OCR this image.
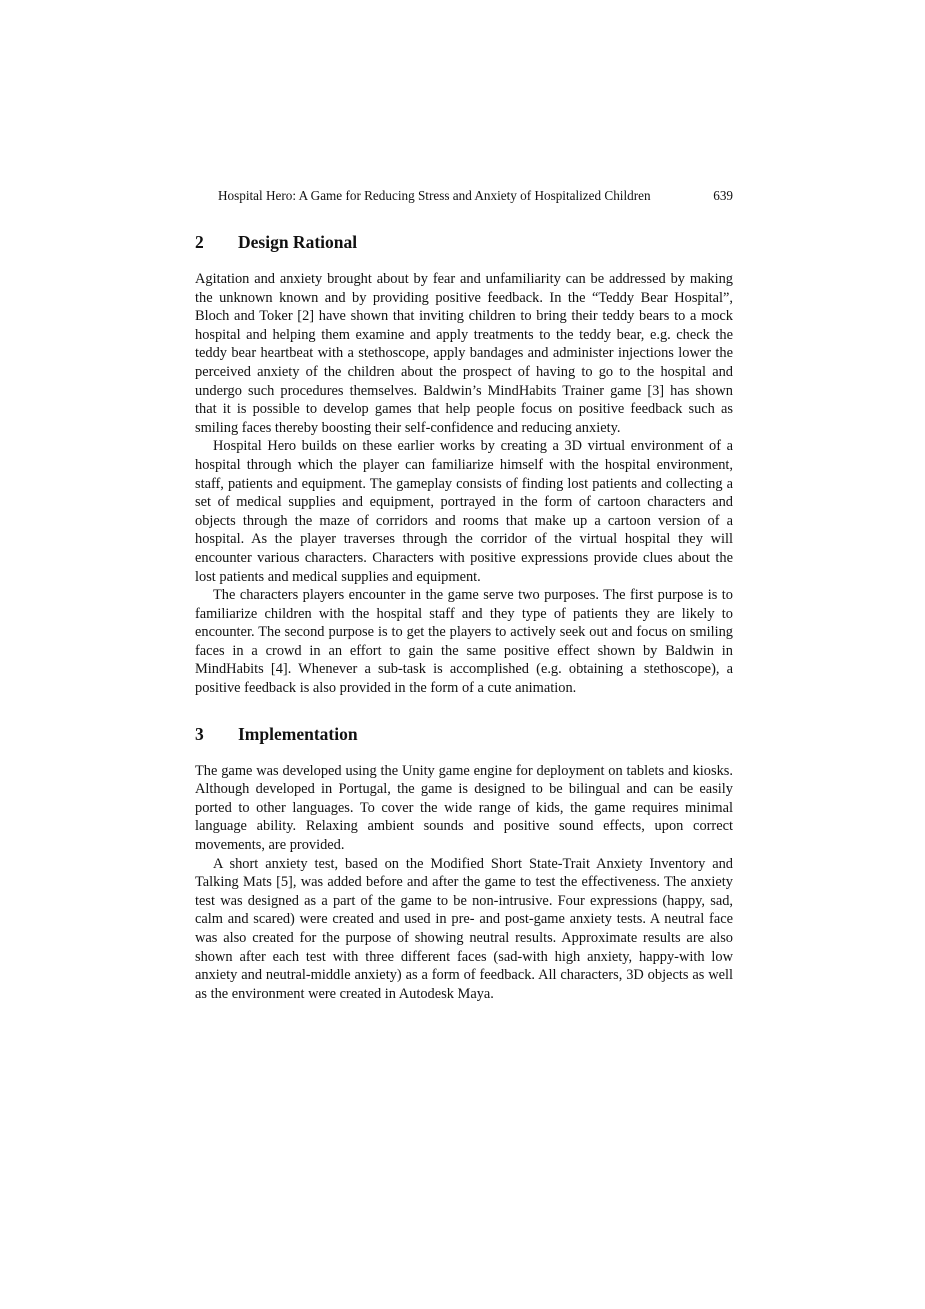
Hospital Hero: A Game for Reducing Stress and Anxiety of Hospitalized Children	639
2	Design Rational

Agitation and anxiety brought about by fear and unfamiliarity can be addressed by making the unknown known and by providing positive feedback. In the “Teddy Bear Hospital”, Bloch and Toker [2] have shown that inviting children to bring their teddy bears to a mock hospital and helping them examine and apply treatments to the teddy bear, e.g. check the teddy bear heartbeat with a stethoscope, apply bandages and administer injections lower the perceived anxiety of the children about the prospect of having to go to the hospital and undergo such procedures themselves. Baldwin’s MindHabits Trainer game [3] has shown that it is possible to develop games that help people focus on positive feedback such as smiling faces thereby boosting their self-confidence and reducing anxiety.

Hospital Hero builds on these earlier works by creating a 3D virtual environment of a hospital through which the player can familiarize himself with the hospital environment, staff, patients and equipment. The gameplay consists of finding lost patients and collecting a set of medical supplies and equipment, portrayed in the form of cartoon characters and objects through the maze of corridors and rooms that make up a cartoon version of a hospital. As the player traverses through the corridor of the virtual hospital they will encounter various characters. Characters with positive expressions provide clues about the lost patients and medical supplies and equipment.

The characters players encounter in the game serve two purposes. The first purpose is to familiarize children with the hospital staff and they type of patients they are likely to encounter. The second purpose is to get the players to actively seek out and focus on smiling faces in a crowd in an effort to gain the same positive effect shown by Baldwin in MindHabits [4]. Whenever a sub-task is accomplished (e.g. obtaining a stethoscope), a positive feedback is also provided in the form of a cute animation.

3	Implementation

The game was developed using the Unity game engine for deployment on tablets and kiosks. Although developed in Portugal, the game is designed to be bilingual and can be easily ported to other languages. To cover the wide range of kids, the game requires minimal language ability. Relaxing ambient sounds and positive sound effects, upon correct movements, are provided.

A short anxiety test, based on the Modified Short State-Trait Anxiety Inventory and Talking Mats [5], was added before and after the game to test the effectiveness. The anxiety test was designed as a part of the game to be non-intrusive. Four expressions (happy, sad, calm and scared) were created and used in pre- and post-game anxiety tests. A neutral face was also created for the purpose of showing neutral results. Approximate results are also shown after each test with three different faces (sad-with high anxiety, happy-with low anxiety and neutral-middle anxiety) as a form of feedback. All characters, 3D objects as well as the environment were created in Autodesk Maya.
